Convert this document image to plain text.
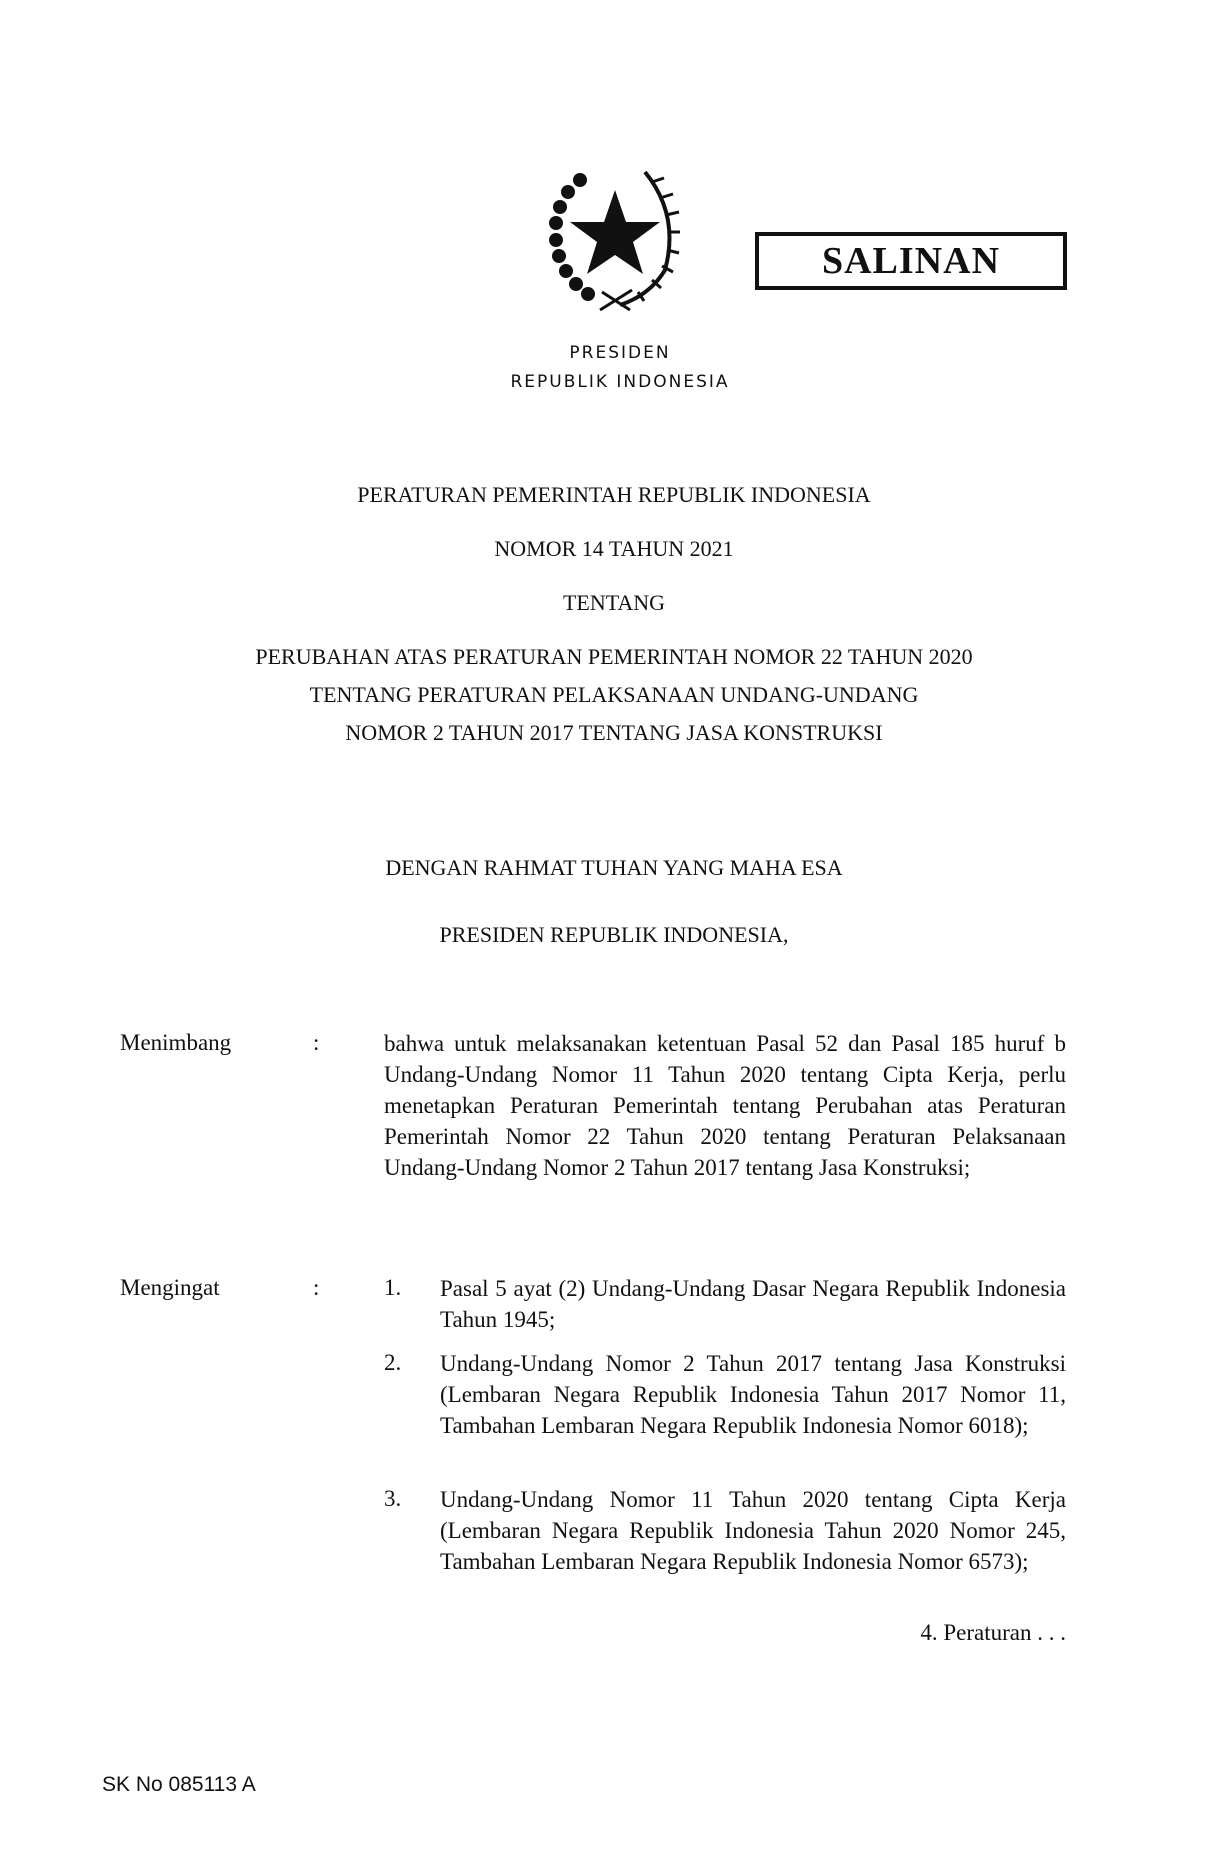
PRESIDEN
REPUBLIK INDONESIA
SALINAN
PERATURAN PEMERINTAH REPUBLIK INDONESIA
NOMOR 14 TAHUN 2021
TENTANG
PERUBAHAN ATAS PERATURAN PEMERINTAH NOMOR 22 TAHUN 2020
TENTANG PERATURAN PELAKSANAAN UNDANG-UNDANG
NOMOR 2 TAHUN 2017 TENTANG JASA KONSTRUKSI
DENGAN RAHMAT TUHAN YANG MAHA ESA
PRESIDEN REPUBLIK INDONESIA,
Menimbang	:	bahwa untuk melaksanakan ketentuan Pasal 52 dan Pasal 185 huruf b Undang-Undang Nomor 11 Tahun 2020 tentang Cipta Kerja, perlu menetapkan Peraturan Pemerintah tentang Perubahan atas Peraturan Pemerintah Nomor 22 Tahun 2020 tentang Peraturan Pelaksanaan Undang-Undang Nomor 2 Tahun 2017 tentang Jasa Konstruksi;
Mengingat	:	1. Pasal 5 ayat (2) Undang-Undang Dasar Negara Republik Indonesia Tahun 1945;
2. Undang-Undang Nomor 2 Tahun 2017 tentang Jasa Konstruksi (Lembaran Negara Republik Indonesia Tahun 2017 Nomor 11, Tambahan Lembaran Negara Republik Indonesia Nomor 6018);
3. Undang-Undang Nomor 11 Tahun 2020 tentang Cipta Kerja (Lembaran Negara Republik Indonesia Tahun 2020 Nomor 245, Tambahan Lembaran Negara Republik Indonesia Nomor 6573);
4. Peraturan . . .
SK No 085113 A
